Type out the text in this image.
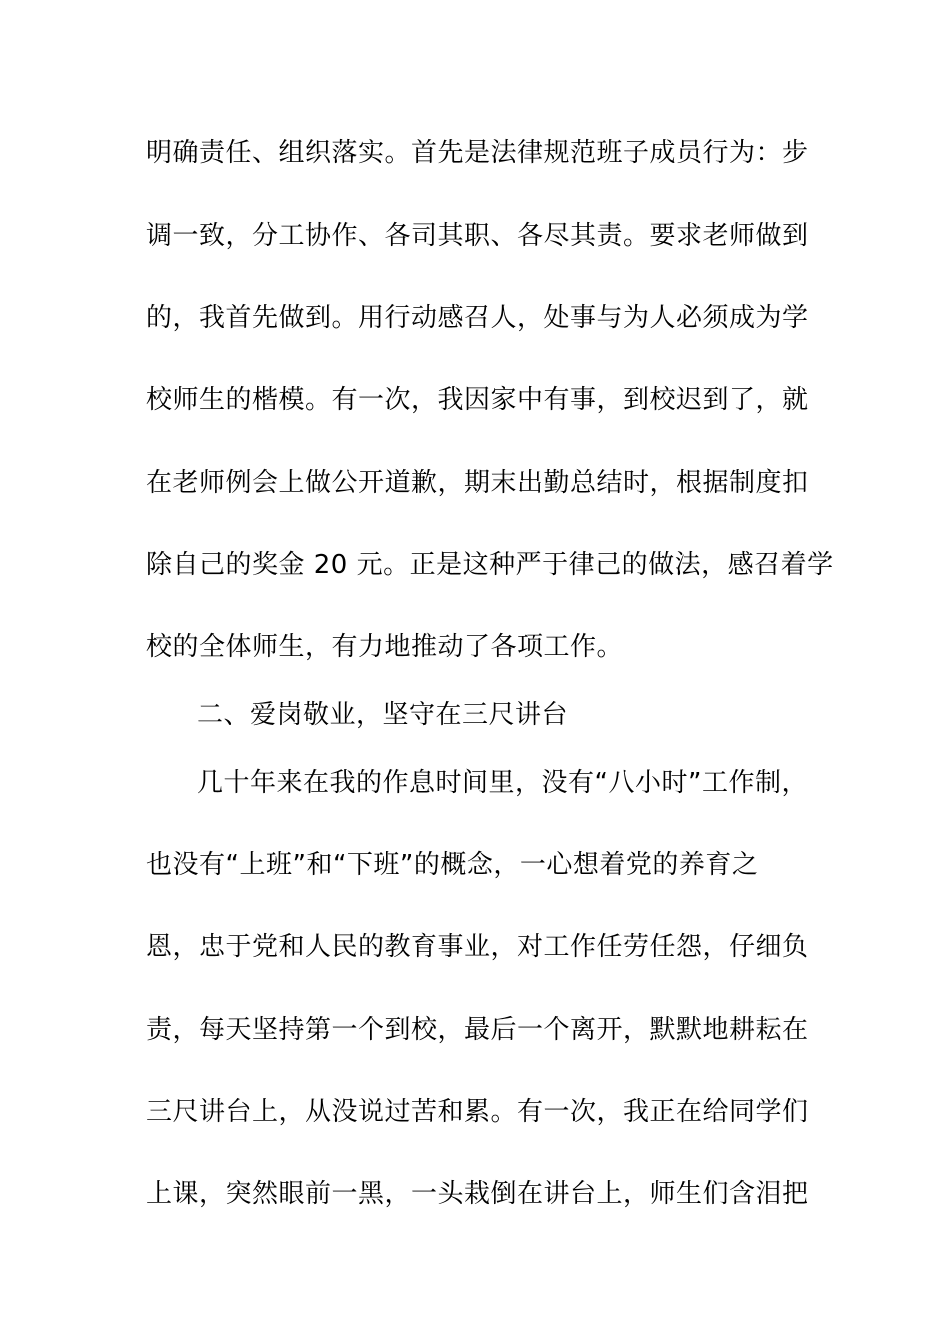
明确责任、组织落实。首先是法律规范班子成员行为：步
调一致，分工协作、各司其职、各尽其责。要求老师做到
的，我首先做到。用行动感召人，处事与为人必须成为学
校师生的楷模。有一次，我因家中有事，到校迟到了，就
在老师例会上做公开道歉，期末出勤总结时，根据制度扣
除自己的奖金 20 元。正是这种严于律己的做法，感召着学
校的全体师生，有力地推动了各项工作。
二、爱岗敬业，坚守在三尺讲台
几十年来在我的作息时间里，没有“八小时”工作制，
也没有“上班”和“下班”的概念，一心想着党的养育之
恩，忠于党和人民的教育事业，对工作任劳任怨，仔细负
责，每天坚持第一个到校，最后一个离开，默默地耕耘在
三尺讲台上，从没说过苦和累。有一次，我正在给同学们
上课，突然眼前一黑，一头栽倒在讲台上，师生们含泪把
